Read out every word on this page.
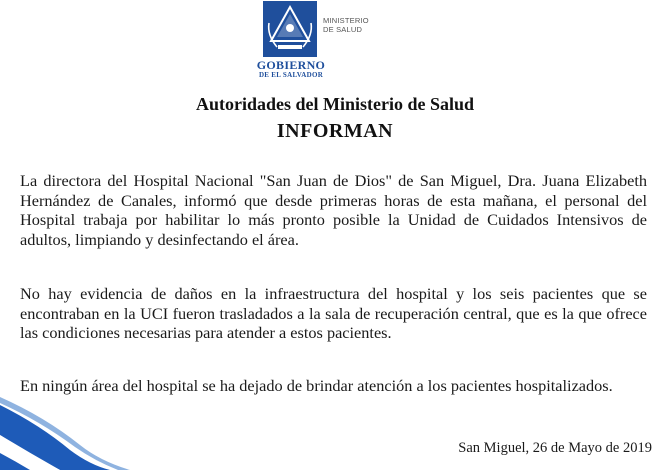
MINISTERIO
DE SALUD
GOBIERNO
DE EL SALVADOR
Autoridades del Ministerio de Salud
INFORMAN
La directora del Hospital Nacional "San Juan de Dios" de San Miguel, Dra. Juana Elizabeth Hernández de Canales, informó que desde primeras horas de esta mañana, el personal del Hospital trabaja por habilitar lo más pronto posible la Unidad de Cuidados Intensivos de adultos, limpiando y desinfectando el área.
No hay evidencia de daños en la infraestructura del hospital y los seis pacientes que se encontraban en la UCI fueron trasladados a la sala de recuperación central, que es la que ofrece las condiciones necesarias para atender a estos pacientes.
En ningún área del hospital se ha dejado de brindar atención a los pacientes hospitalizados.
San Miguel, 26 de Mayo de 2019
